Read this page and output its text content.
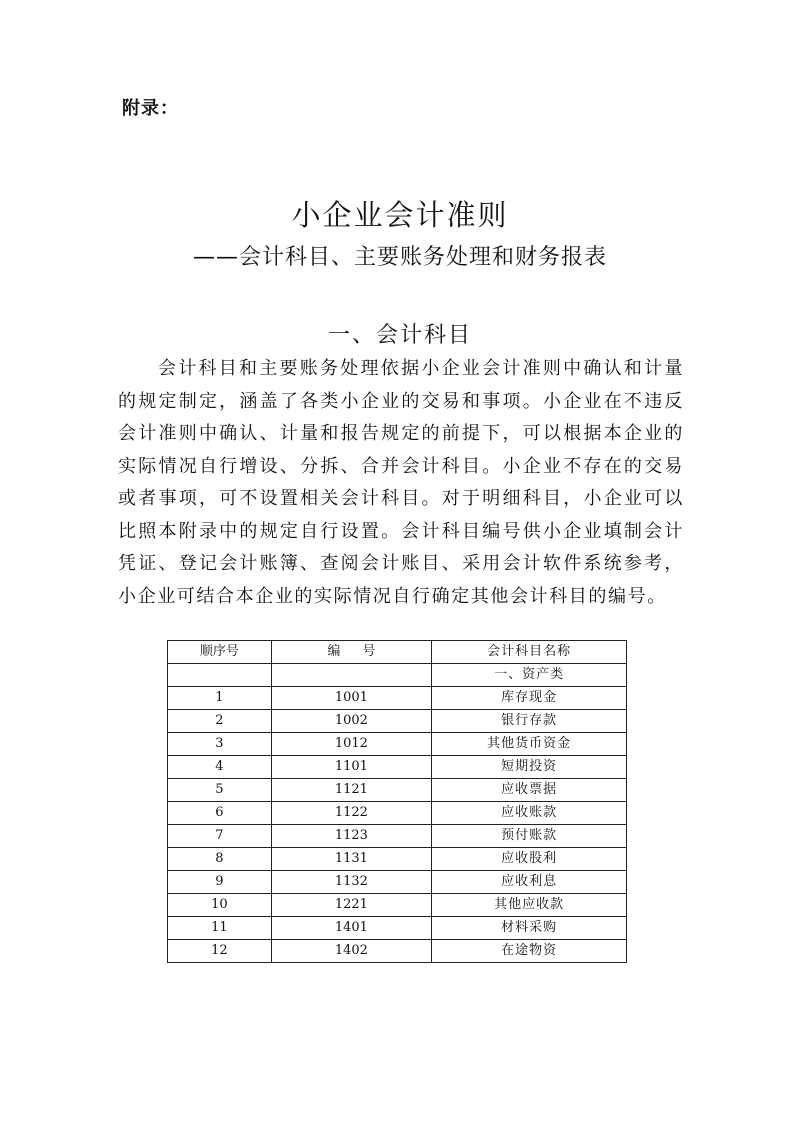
附录：
小企业会计准则
——会计科目、主要账务处理和财务报表
一、会计科目

会计科目和主要账务处理依据小企业会计准则中确认和计量的规定制定，涵盖了各类小企业的交易和事项。小企业在不违反会计准则中确认、计量和报告规定的前提下，可以根据本企业的实际情况自行增设、分拆、合并会计科目。小企业不存在的交易或者事项，可不设置相关会计科目。对于明细科目，小企业可以比照本附录中的规定自行设置。会计科目编号供小企业填制会计凭证、登记会计账簿、查阅会计账目、采用会计软件系统参考，小企业可结合本企业的实际情况自行确定其他会计科目的编号。

顺序号	编号	会计科目名称
		一、资产类
1	1001	库存现金
2	1002	银行存款
3	1012	其他货币资金
4	1101	短期投资
5	1121	应收票据
6	1122	应收账款
7	1123	预付账款
8	1131	应收股利
9	1132	应收利息
10	1221	其他应收款
11	1401	材料采购
12	1402	在途物资
